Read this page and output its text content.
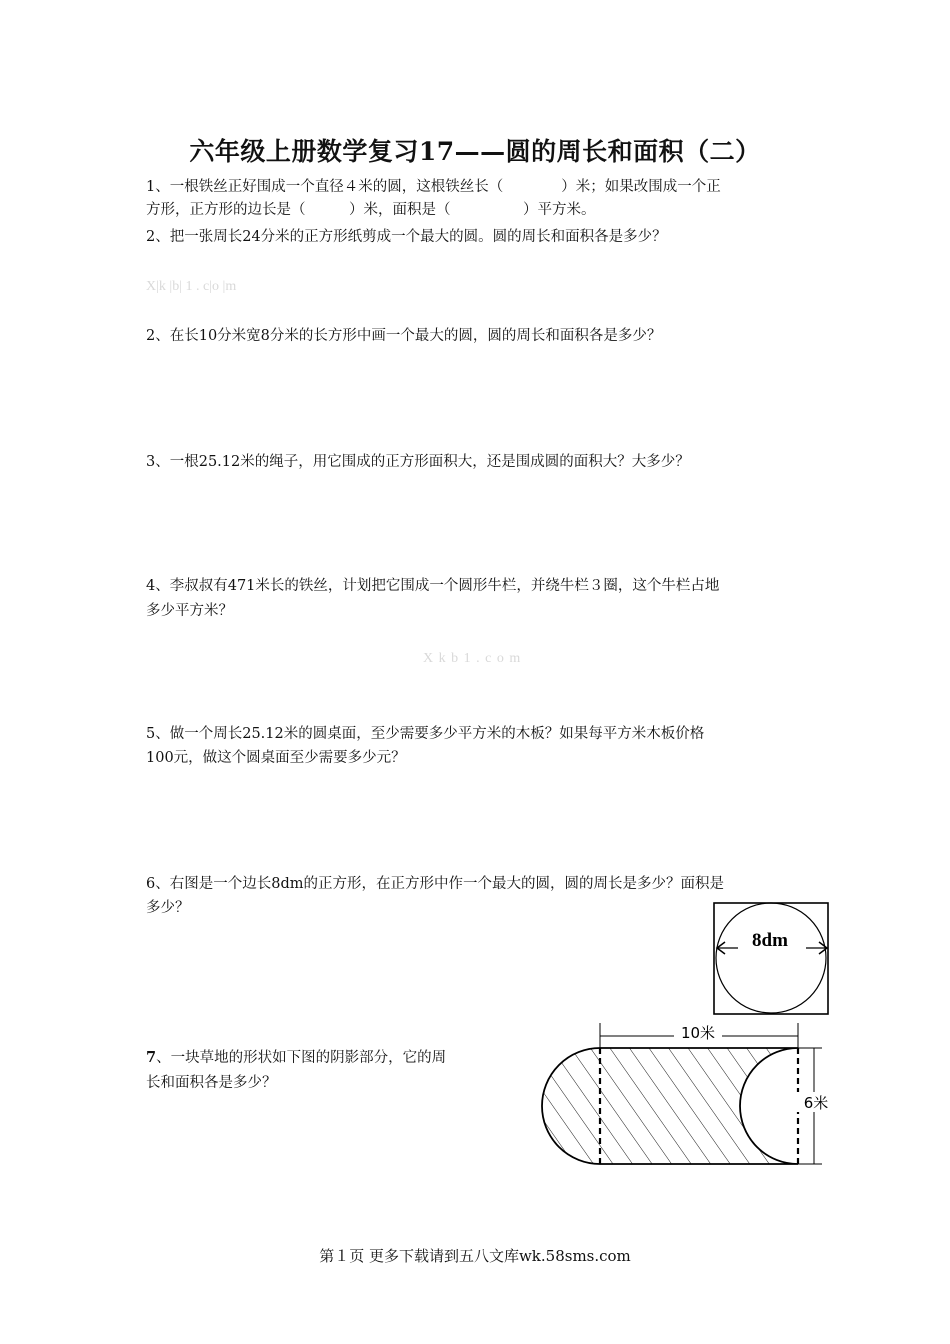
六年级上册数学复习17——圆的周长和面积（二）
1、一根铁丝正好围成一个直径４米的圆，这根铁丝长（　　　　）米；如果改围成一个正
方形，正方形的边长是（　　　）米，面积是（　　　　　）平方米。
2、把一张周长24分米的正方形纸剪成一个最大的圆。圆的周长和面积各是多少？
X|k |b| 1 . c|o |m
2、在长10分米宽8分米的长方形中画一个最大的圆，圆的周长和面积各是多少？
3、一根25.12米的绳子，用它围成的正方形面积大，还是围成圆的面积大？大多少？
4、李叔叔有471米长的铁丝，计划把它围成一个圆形牛栏，并绕牛栏３圈，这个牛栏占地
多少平方米？
X k b 1 . c o m
5、做一个周长25.12米的圆桌面，至少需要多少平方米的木板？如果每平方米木板价格
100元，做这个圆桌面至少需要多少元？
6、右图是一个边长8dm的正方形，在正方形中作一个最大的圆，圆的周长是多少？面积是
多少？
8dm
7、一块草地的形状如下图的阴影部分，它的周
长和面积各是多少？
10米
6米
第１页 更多下载请到五八文库wk.58sms.com
